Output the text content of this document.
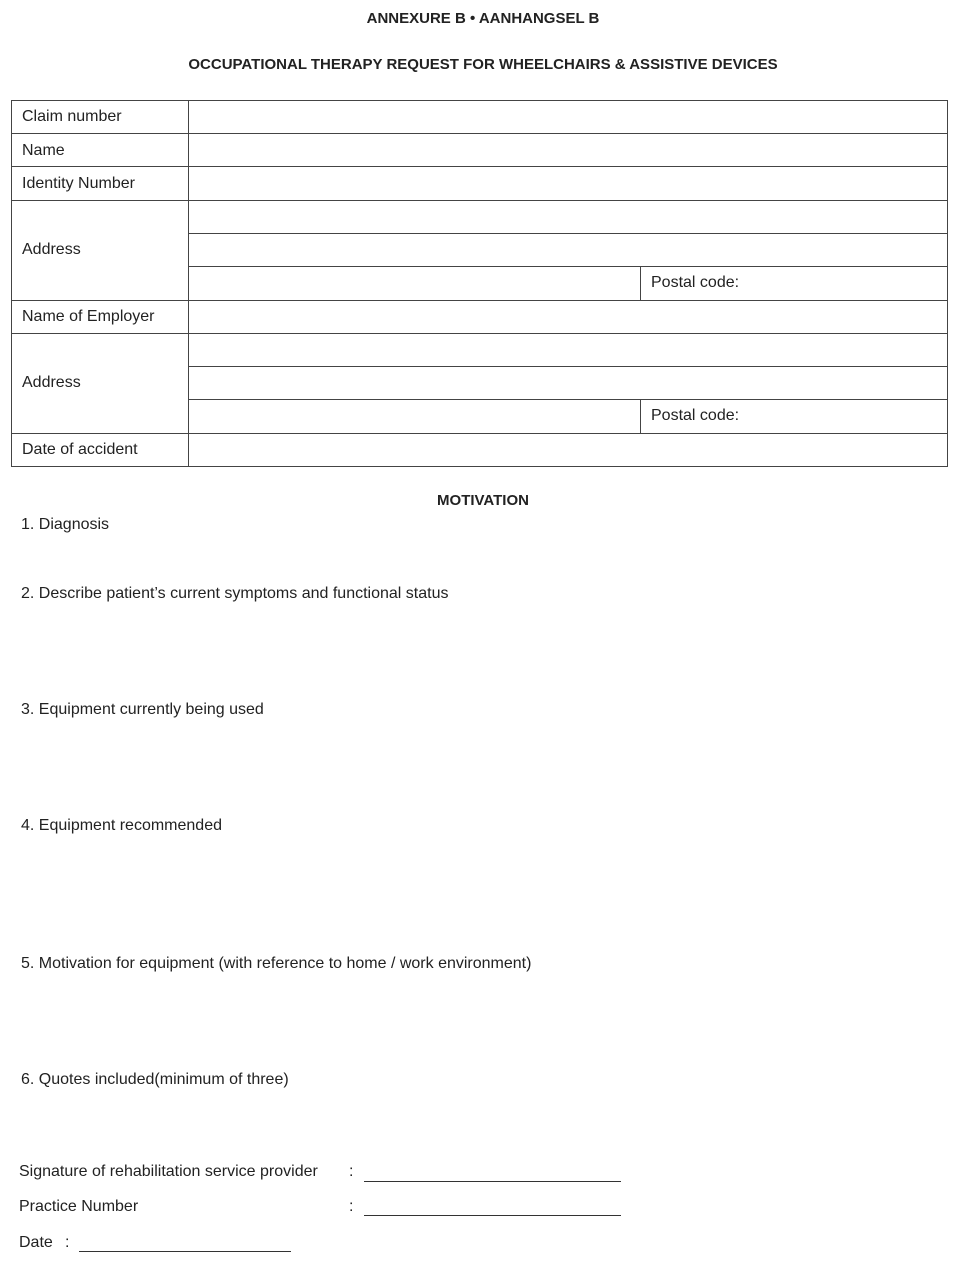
ANNEXURE B • AANHANGSEL B
OCCUPATIONAL THERAPY REQUEST FOR WHEELCHAIRS & ASSISTIVE DEVICES
Claim number
Name
Identity Number
Address
Postal code:
Name of Employer
Address
Postal code:
Date of accident
MOTIVATION
1. Diagnosis
2. Describe patient’s current symptoms and functional status
3. Equipment currently being used
4. Equipment recommended
5. Motivation for equipment (with reference to home / work environment)
6. Quotes included(minimum of three)
Signature of rehabilitation service provider :
Practice Number	:
Date :
